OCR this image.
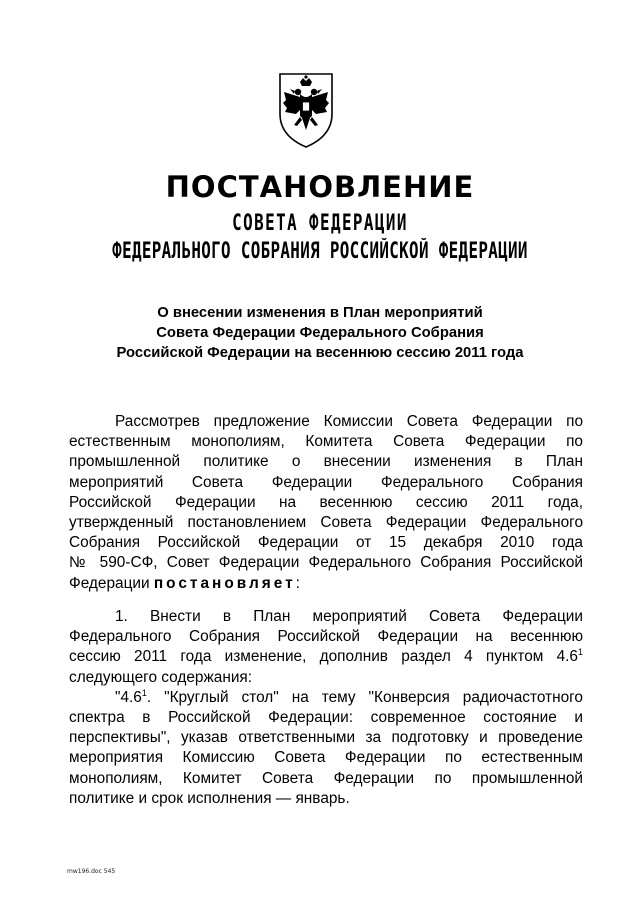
ПОСТАНОВЛЕНИЕ
СОВЕТА ФЕДЕРАЦИИ
ФЕДЕРАЛЬНОГО СОБРАНИЯ РОССИЙСКОЙ ФЕДЕРАЦИИ
О внесении изменения в План мероприятий
Совета Федерации Федерального Собрания
Российской Федерации на весеннюю сессию 2011 года
Рассмотрев предложение Комиссии Совета Федерации по
естественным монополиям, Комитета Совета Федерации по
промышленной политике о внесении изменения в План
мероприятий Совета Федерации Федерального Собрания
Российской Федерации на весеннюю сессию 2011 года,
утвержденный постановлением Совета Федерации Федерального
Собрания Российской Федерации от 15 декабря 2010 года
№ 590-СФ, Совет Федерации Федерального Собрания Российской
Федерации постановляет:
1. Внести в План мероприятий Совета Федерации
Федерального Собрания Российской Федерации на весеннюю
сессию 2011 года изменение, дополнив раздел 4 пунктом $4.6^1$
следующего содержания:
"$4.6^1$. "Круглый стол" на тему "Конверсия радиочастотного
спектра в Российской Федерации: современное состояние и
перспективы", указав ответственными за подготовку и проведение
мероприятия Комиссию Совета Федерации по естественным
монополиям, Комитет Совета Федерации по промышленной
политике и срок исполнения — январь.
mw196.doc 545
